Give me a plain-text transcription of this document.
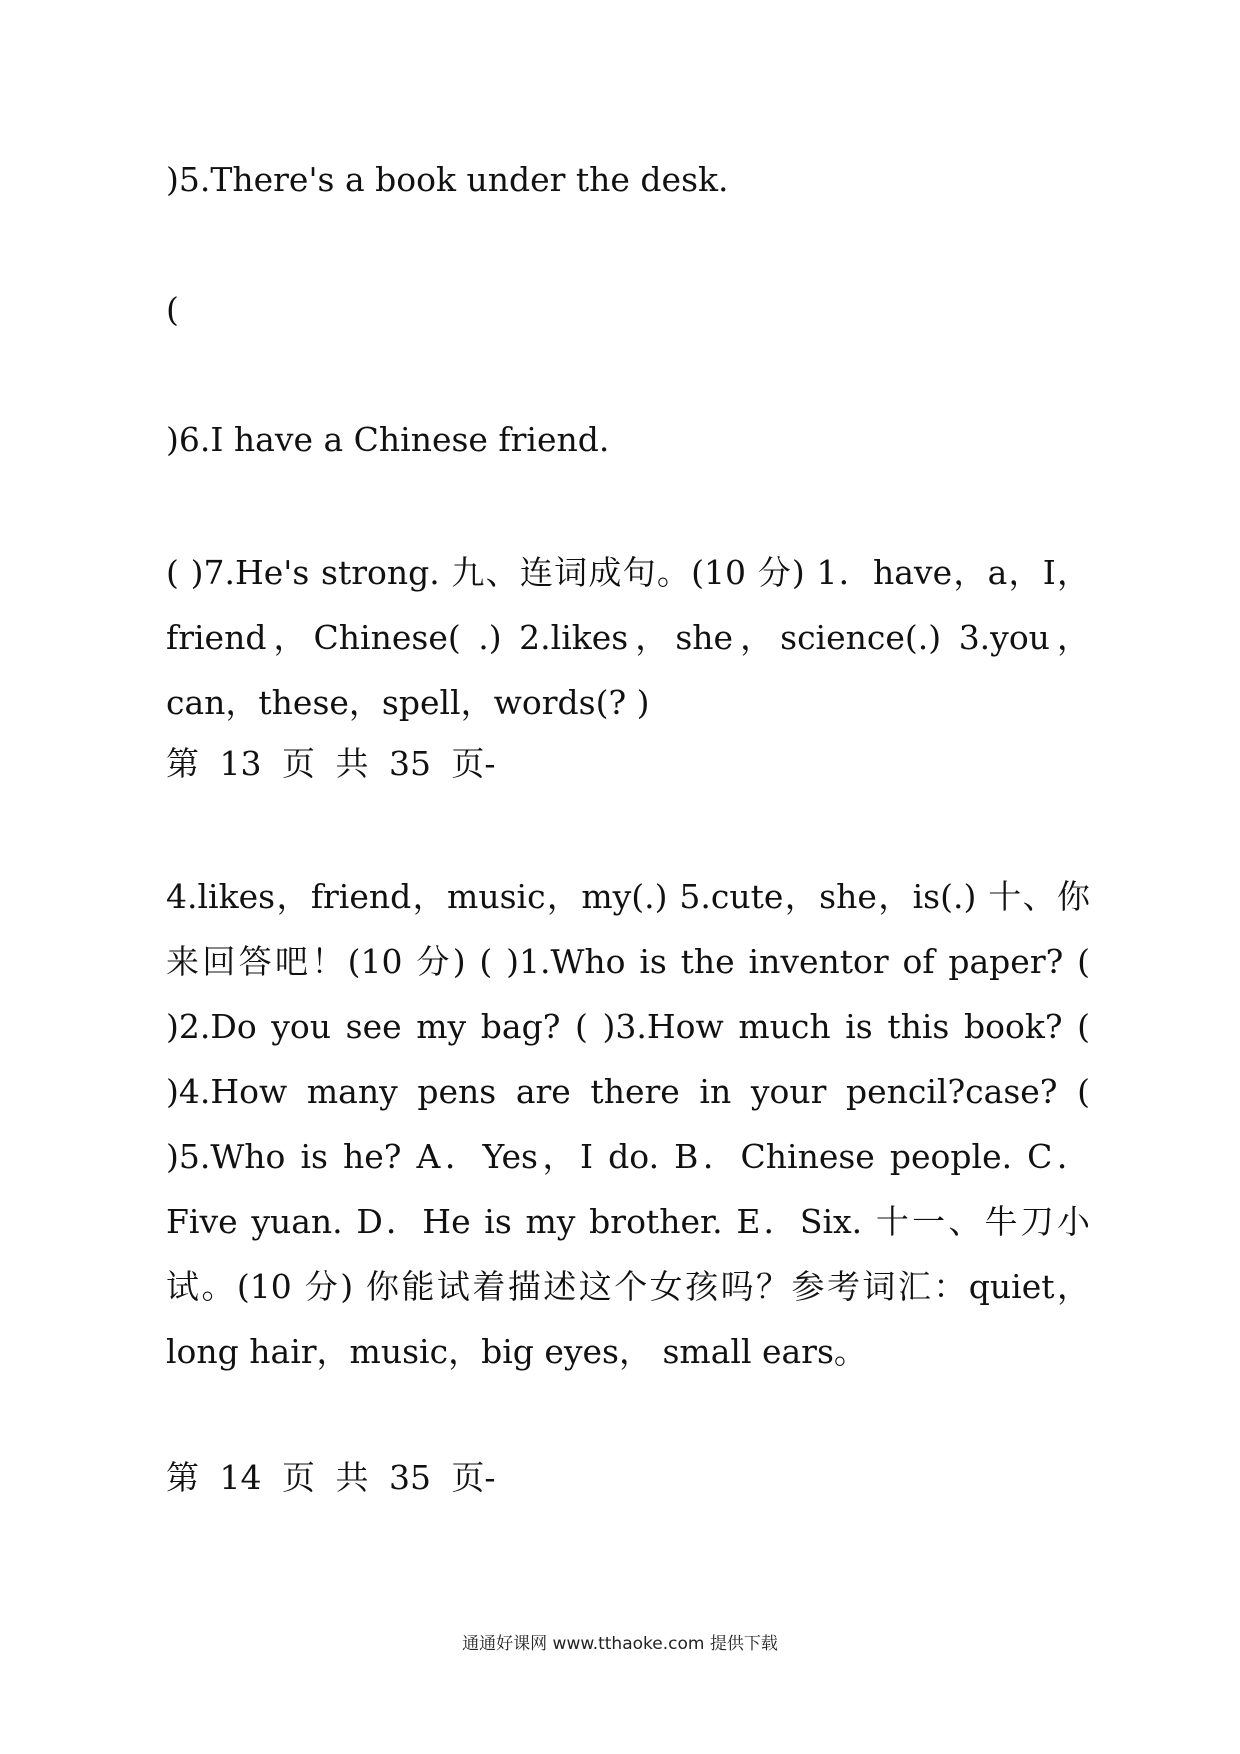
)5.There's a book under the desk.
(
)6.I have a Chinese friend.
( )7.He's strong. 九、连词成句。(10 分) 1．have，a，I，friend，Chinese( .) 2.likes，she，science(.) 3.you，can，these，spell，words(? )
第 13 页 共 35 页-
4.likes，friend，music，my(.) 5.cute，she，is(.) 十、你来回答吧！(10 分) ( )1.Who is the inventor of paper? ( )2.Do you see my bag? ( )3.How much is this book? ( )4.How many pens are there in your pencil?case? ( )5.Who is he? A．Yes，I do. B．Chinese people. C．Five yuan. D．He is my brother. E．Six. 十一、牛刀小试。(10 分) 你能试着描述这个女孩吗？参考词汇：quiet，long hair，music，big eyes， small ears。
第 14 页 共 35 页-
通通好课网 www.tthaoke.com 提供下载
